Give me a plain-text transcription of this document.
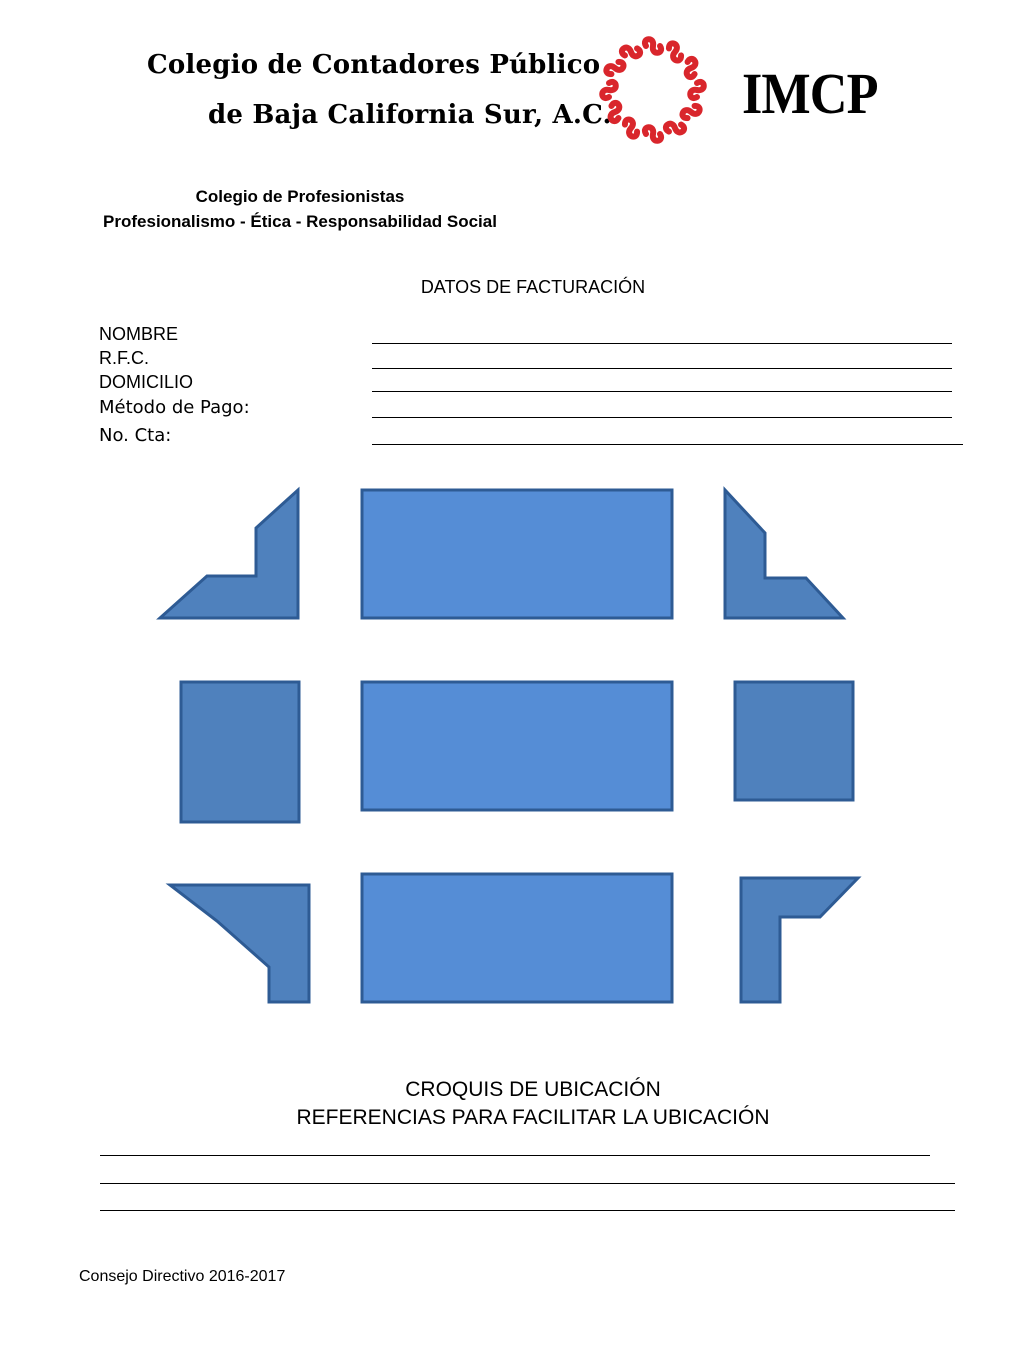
Colegio de Contadores Público
de Baja California Sur, A.C. IMCP
Colegio de Profesionistas
Profesionalismo - Ética - Responsabilidad Social
DATOS DE FACTURACIÓN
NOMBRE
R.F.C.
DOMICILIO
Método de Pago:
No. Cta:
CROQUIS DE UBICACIÓN
REFERENCIAS PARA FACILITAR LA UBICACIÓN
Consejo Directivo 2016-2017
